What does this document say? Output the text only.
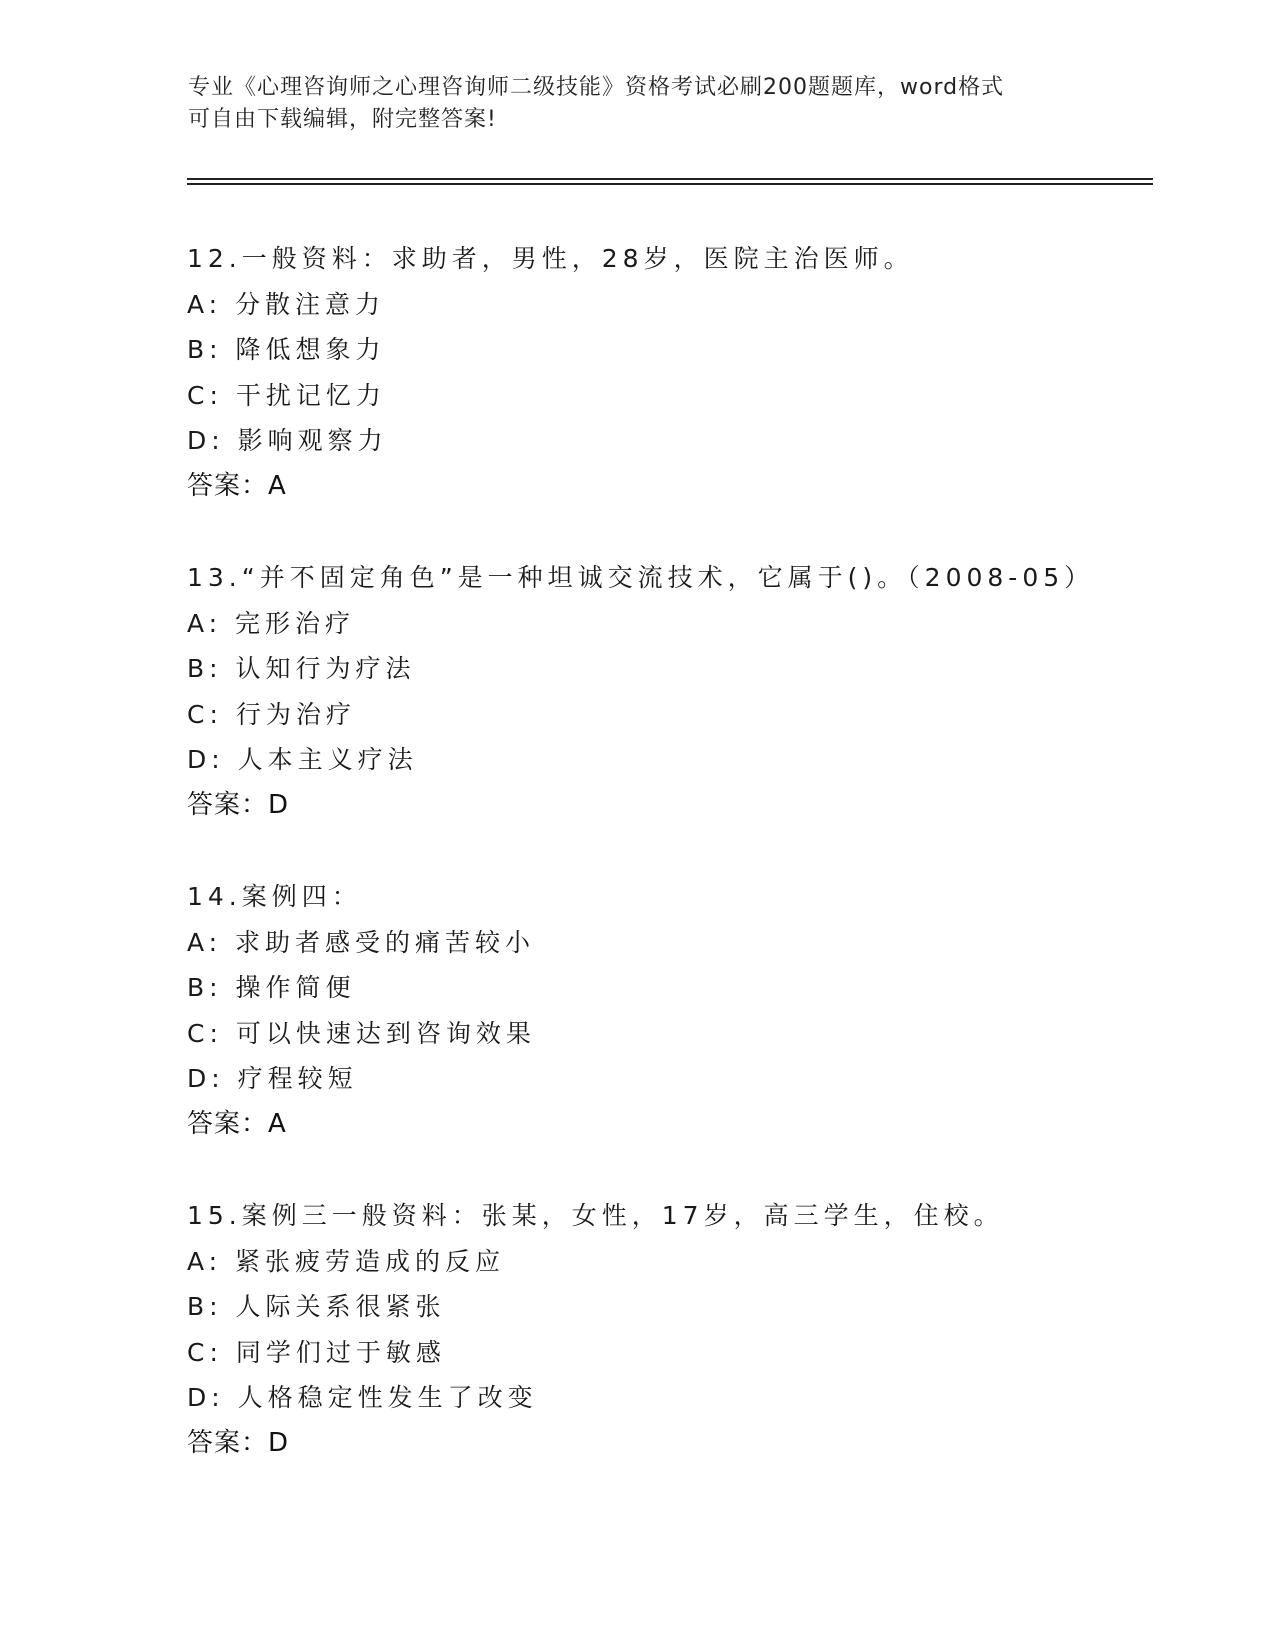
专业《心理咨询师之心理咨询师二级技能》资格考试必刷200题题库，word格式
可自由下载编辑，附完整答案!
12.一般资料：求助者，男性，28岁，医院主治医师。
A: 分散注意力
B: 降低想象力
C: 干扰记忆力
D: 影响观察力
答案：A
13.“并不固定角色”是一种坦诚交流技术，它属于()。（2008-05）
A: 完形治疗
B: 认知行为疗法
C: 行为治疗
D: 人本主义疗法
答案：D
14.案例四：
A: 求助者感受的痛苦较小
B: 操作简便
C: 可以快速达到咨询效果
D: 疗程较短
答案：A
15.案例三一般资料：张某，女性，17岁，高三学生，住校。
A: 紧张疲劳造成的反应
B: 人际关系很紧张
C: 同学们过于敏感
D: 人格稳定性发生了改变
答案：D
